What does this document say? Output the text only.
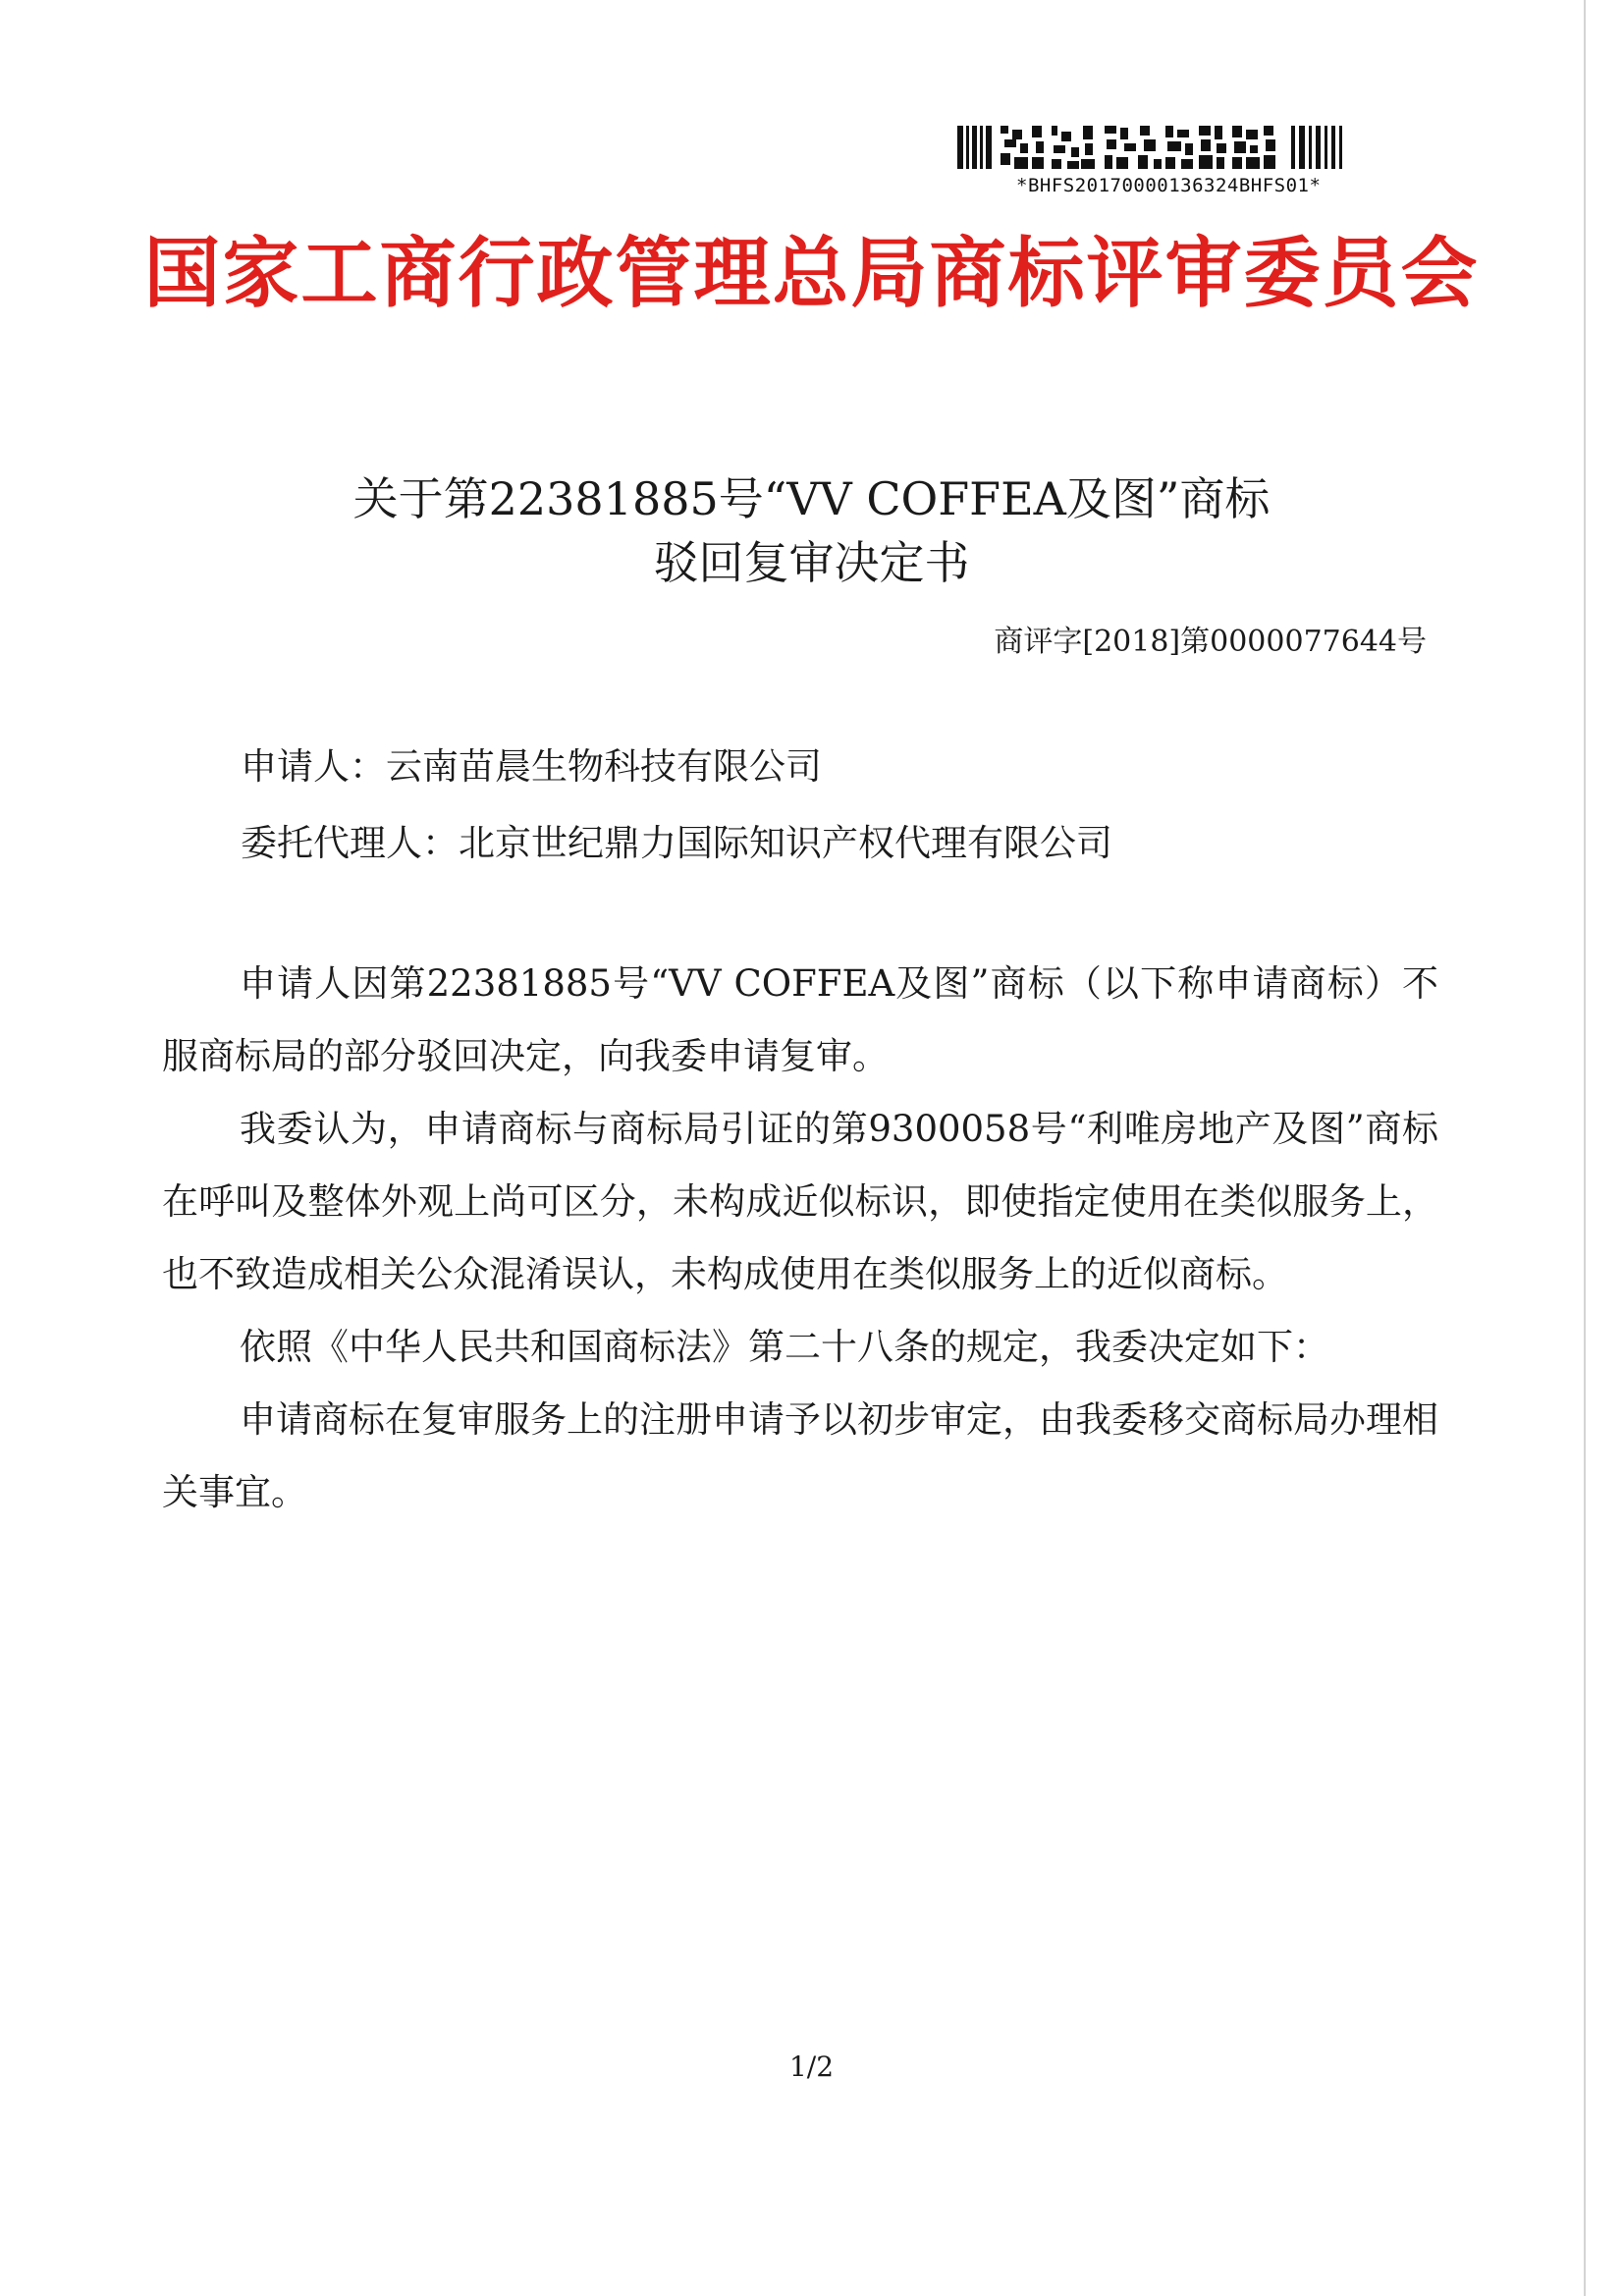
*BHFS20170000136324BHFS01*
国家工商行政管理总局商标评审委员会
关于第22381885号“VV COFFEA及图”商标
驳回复审决定书
商评字[2018]第0000077644号
申请人：云南苗晨生物科技有限公司
委托代理人：北京世纪鼎力国际知识产权代理有限公司

申请人因第22381885号“VV COFFEA及图”商标（以下称申请商标）不服商标局的部分驳回决定，向我委申请复审。

我委认为，申请商标与商标局引证的第9300058号“利唯房地产及图”商标在呼叫及整体外观上尚可区分，未构成近似标识，即使指定使用在类似服务上，也不致造成相关公众混淆误认，未构成使用在类似服务上的近似商标。

依照《中华人民共和国商标法》第二十八条的规定，我委决定如下：

申请商标在复审服务上的注册申请予以初步审定，由我委移交商标局办理相关事宜。

1/2
